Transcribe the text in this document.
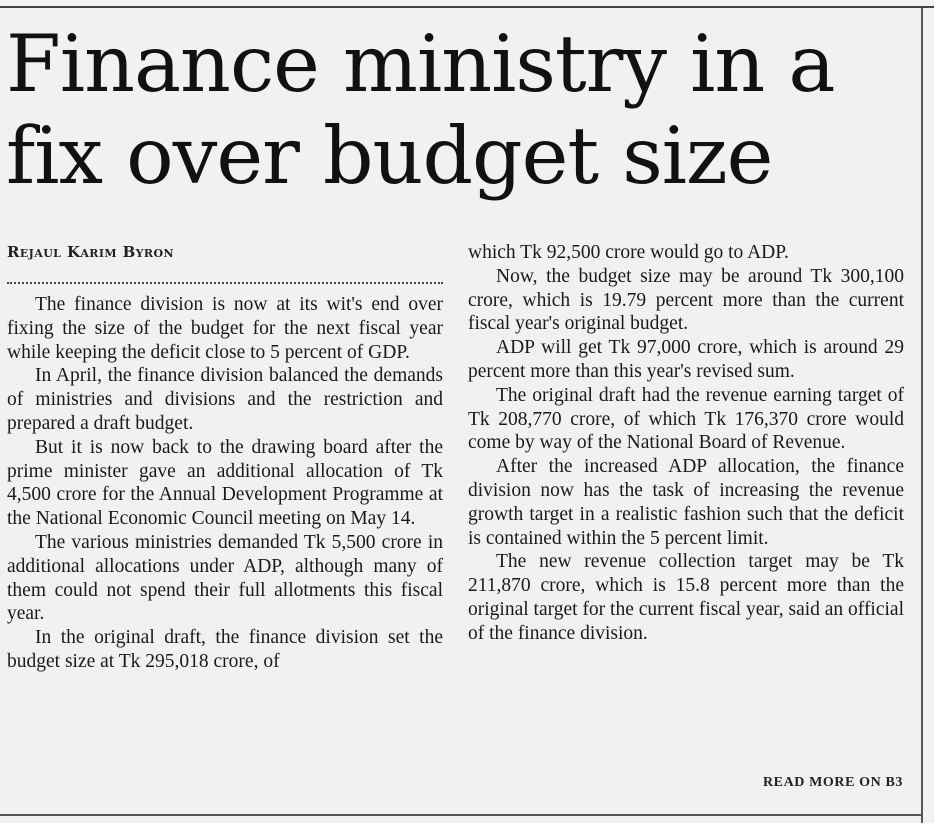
Finance ministry in a fix over budget size
Rejaul Karim Byron

The finance division is now at its wit's end over fixing the size of the budget for the next fiscal year while keeping the deficit close to 5 percent of GDP.

In April, the finance division balanced the demands of ministries and divisions and the restriction and prepared a draft budget.

But it is now back to the drawing board after the prime minister gave an additional allocation of Tk 4,500 crore for the Annual Development Programme at the National Economic Council meeting on May 14.

The various ministries demanded Tk 5,500 crore in additional allocations under ADP, although many of them could not spend their full allotments this fiscal year.

In the original draft, the finance division set the budget size at Tk 295,018 crore, of

which Tk 92,500 crore would go to ADP.

Now, the budget size may be around Tk 300,100 crore, which is 19.79 percent more than the current fiscal year's original budget.

ADP will get Tk 97,000 crore, which is around 29 percent more than this year's revised sum.

The original draft had the revenue earning target of Tk 208,770 crore, of which Tk 176,370 crore would come by way of the National Board of Revenue.

After the increased ADP allocation, the finance division now has the task of increasing the revenue growth target in a realistic fashion such that the deficit is contained within the 5 percent limit.

The new revenue collection target may be Tk 211,870 crore, which is 15.8 percent more than the original target for the current fiscal year, said an official of the finance division.

READ MORE ON B3
